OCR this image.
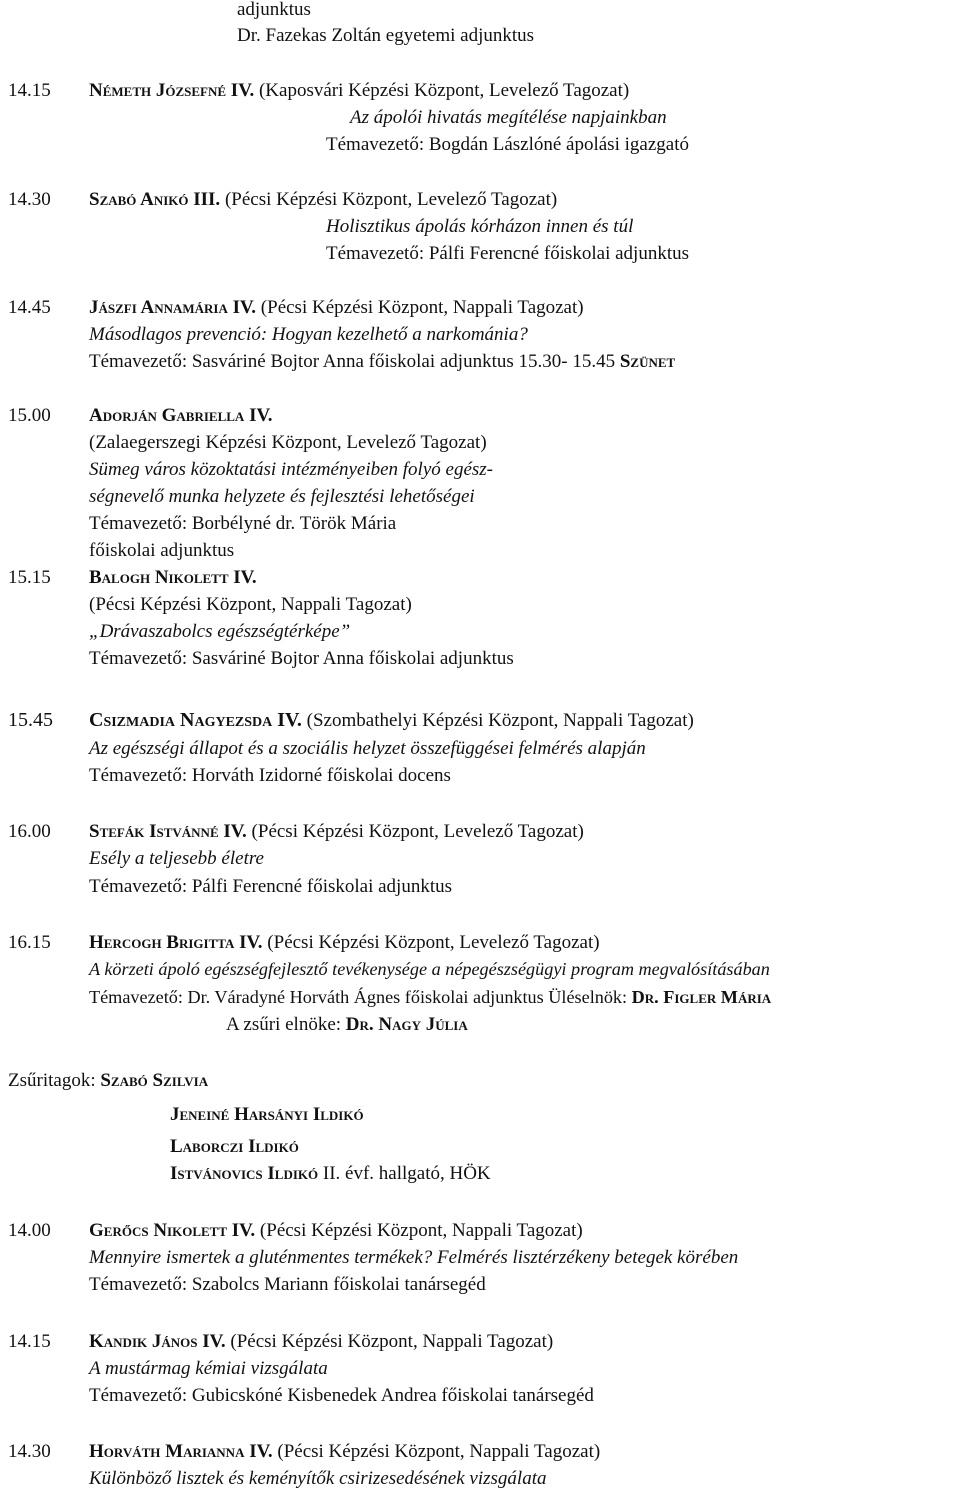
adjunktus
Dr. Fazekas Zoltán egyetemi adjunktus
14.15 Németh Józsefné IV. (Kaposvári Képzési Központ, Levelező Tagozat)
Az ápolói hivatás megítélése napjainkban
Témavezető: Bogdán Lászlóné ápolási igazgató
14.30 Szabó Anikó III. (Pécsi Képzési Központ, Levelező Tagozat)
Holisztikus ápolás kórházon innen és túl
Témavezető: Pálfi Ferencné főiskolai adjunktus
14.45 Jászfi Annamária IV. (Pécsi Képzési Központ, Nappali Tagozat)
Másodlagos prevenció: Hogyan kezelhető a narkománia?
Témavezető: Sasváriné Bojtor Anna főiskolai adjunktus 15.30- 15.45 Szünet
15.00 Adorján Gabriella IV.
(Zalaegerszegi Képzési Központ, Levelező Tagozat)
Sümeg város közoktatási intézményeiben folyó egész-
ségnevelő munka helyzete és fejlesztési lehetőségei
Témavezető: Borbélyné dr. Török Mária
főiskolai adjunktus
15.15 Balogh Nikolett IV.
(Pécsi Képzési Központ, Nappali Tagozat)
„Drávaszabolcs egészségtérképe”
Témavezető: Sasváriné Bojtor Anna főiskolai adjunktus
15.45 Csizmadia Nagyezsda IV. (Szombathelyi Képzési Központ, Nappali Tagozat)
Az egészségi állapot és a szociális helyzet összefüggései felmérés alapján
Témavezető: Horváth Izidorné főiskolai docens
16.00 Stefák Istvánné IV. (Pécsi Képzési Központ, Levelező Tagozat)
Esély a teljesebb életre
Témavezető: Pálfi Ferencné főiskolai adjunktus
16.15 Hercogh Brigitta IV. (Pécsi Képzési Központ, Levelező Tagozat)
A körzeti ápoló egészségfejlesztő tevékenysége a népegészségügyi program megvalósításában
Témavezető: Dr. Váradyné Horváth Ágnes főiskolai adjunktus Üléselnök: Dr. Figler Mária
A zsűri elnöke: Dr. Nagy Júlia
Zsűritagok: Szabó Szilvia
Jeneiné Harsányi Ildikó
Laborczi Ildikó
Istvánovics Ildikó II. évf. hallgató, HÖK
14.00 Gerőcs Nikolett IV. (Pécsi Képzési Központ, Nappali Tagozat)
Mennyire ismertek a gluténmentes termékek? Felmérés lisztérzékeny betegek körében
Témavezető: Szabolcs Mariann főiskolai tanársegéd
14.15 Kandik János IV. (Pécsi Képzési Központ, Nappali Tagozat)
A mustármag kémiai vizsgálata
Témavezető: Gubicskóné Kisbenedek Andrea főiskolai tanársegéd
14.30 Horváth Marianna IV. (Pécsi Képzési Központ, Nappali Tagozat)
Különböző lisztek és keményítők csirizesedésének vizsgálata
